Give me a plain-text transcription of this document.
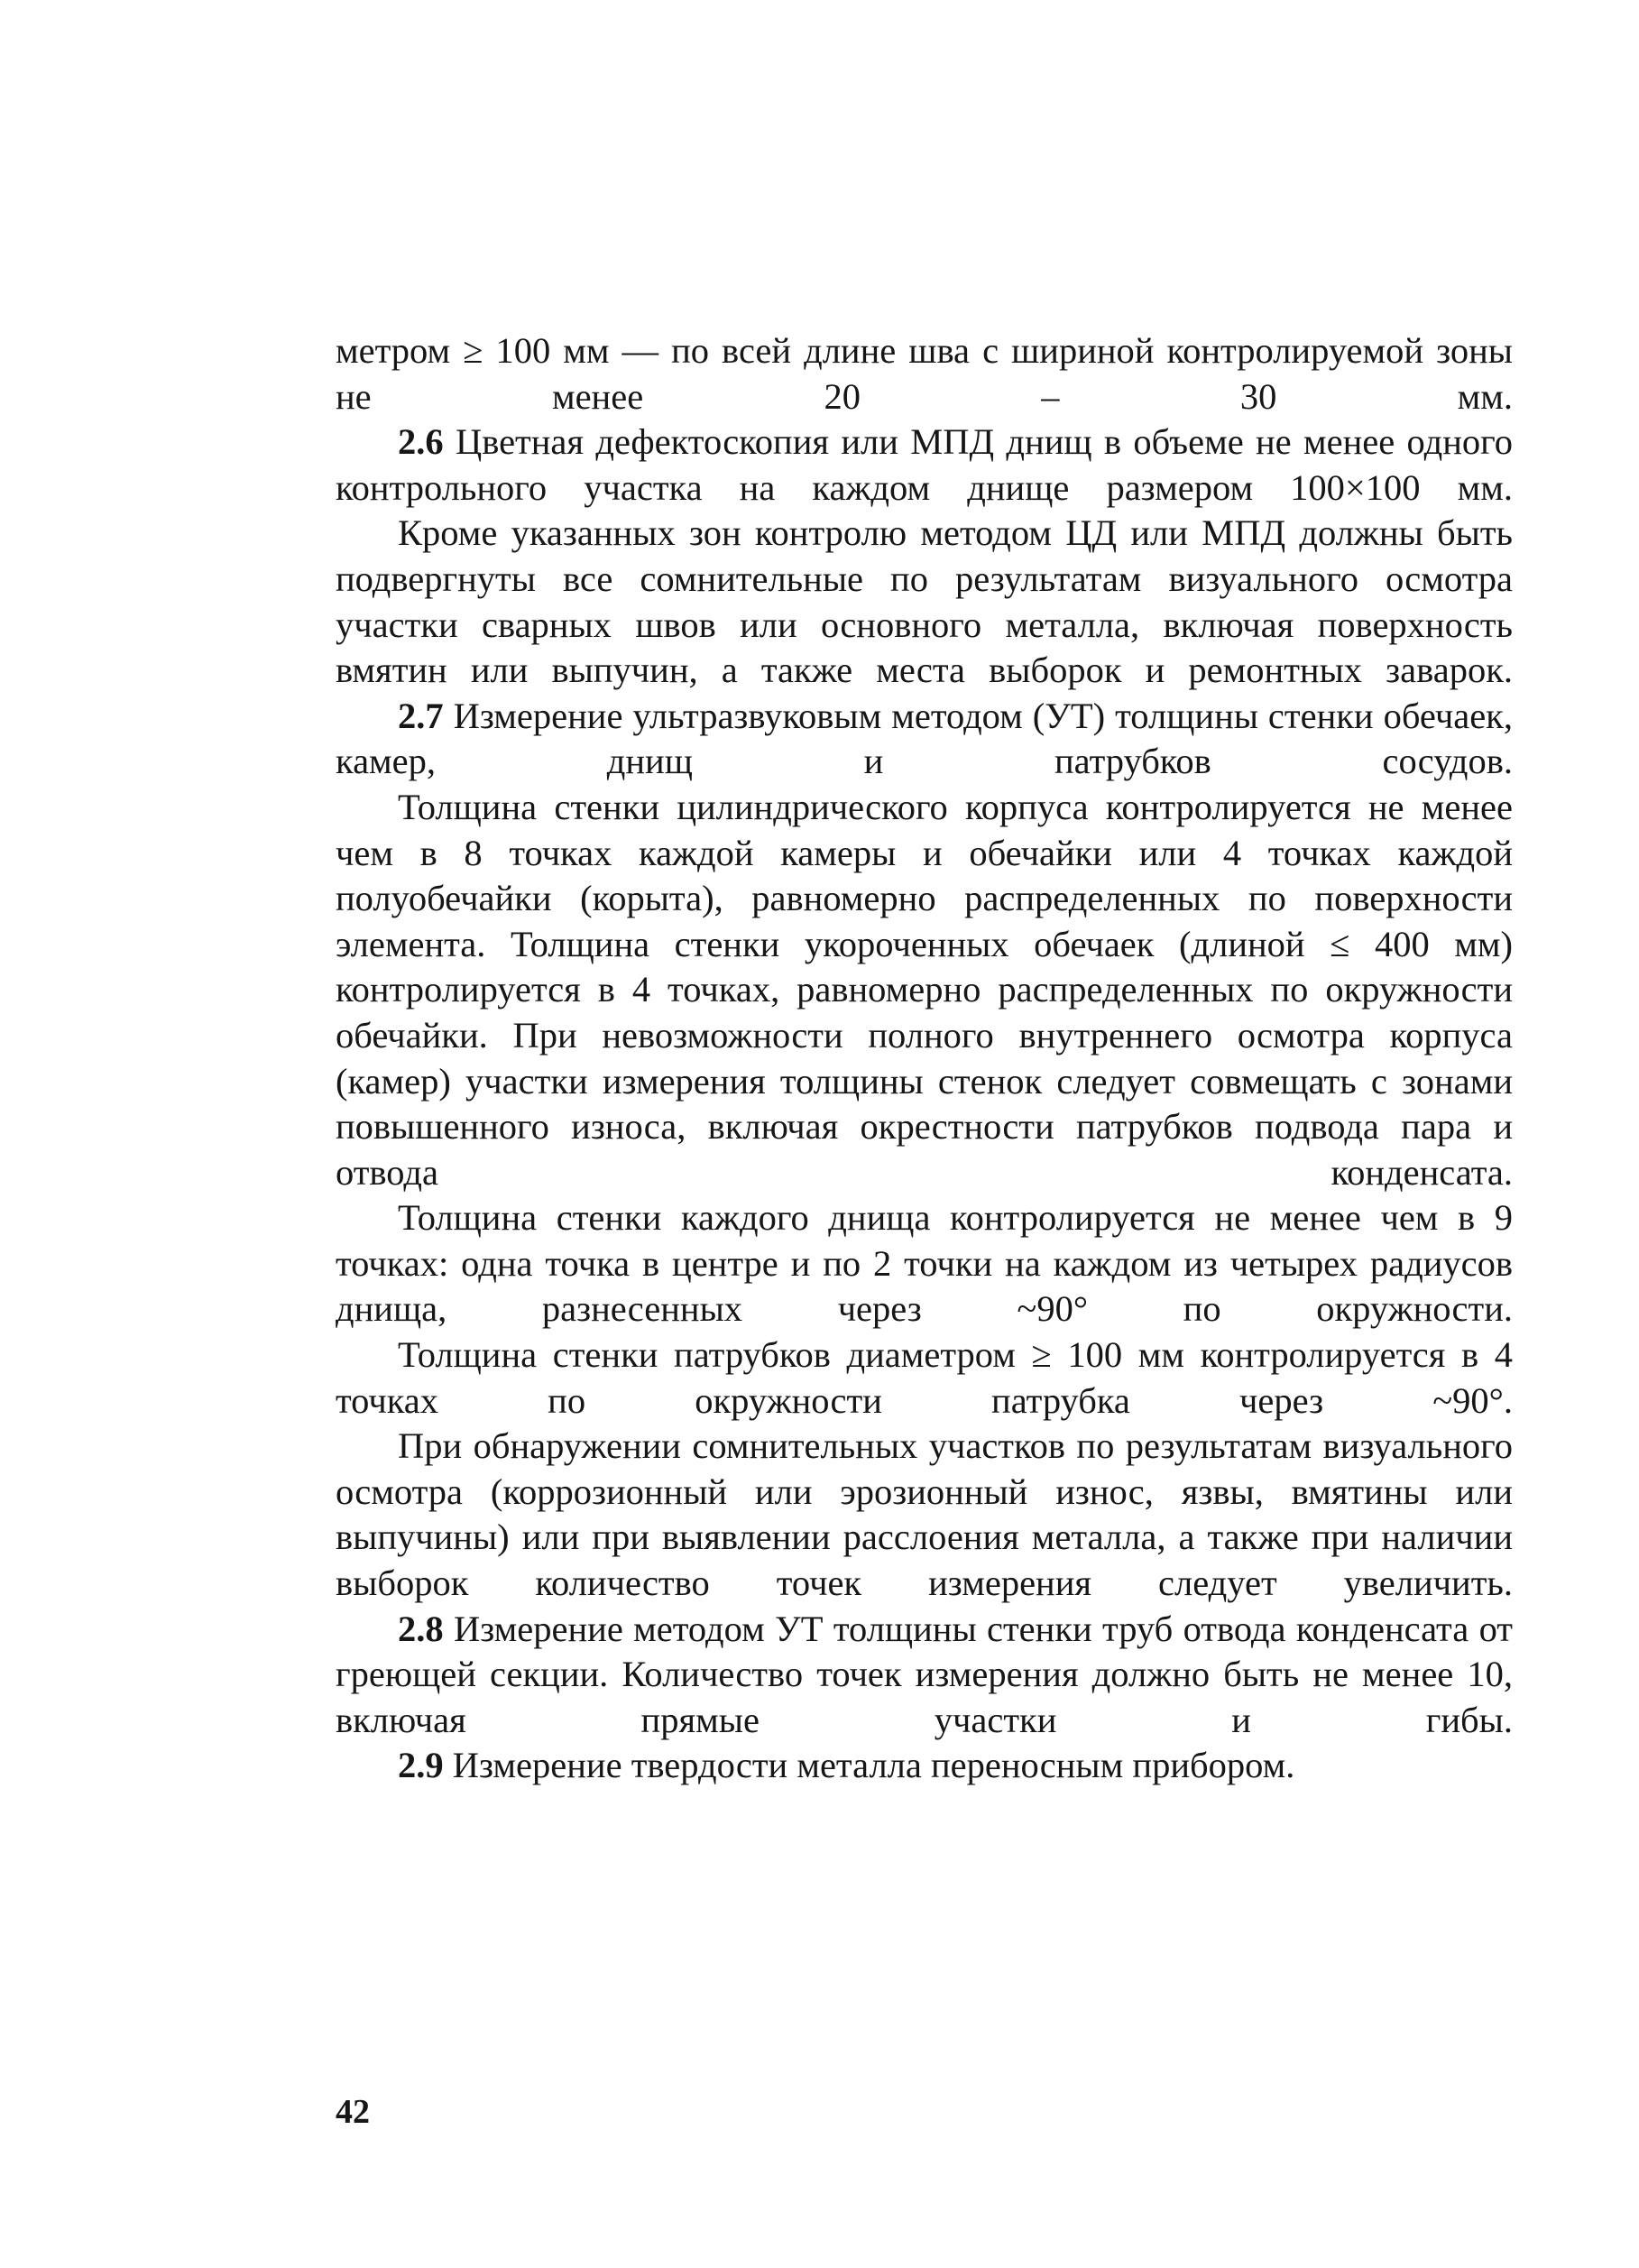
метром ≥ 100 мм — по всей длине шва с шириной контролируемой зоны не менее 20 – 30 мм.

2.6 Цветная дефектоскопия или МПД днищ в объеме не менее одного контрольного участка на каждом днище размером 100×100 мм.

Кроме указанных зон контролю методом ЦД или МПД должны быть подвергнуты все сомнительные по результатам визуального осмотра участки сварных швов или основного металла, включая поверхность вмятин или выпучин, а также места выборок и ремонтных заварок.

2.7 Измерение ультразвуковым методом (УТ) толщины стенки обечаек, камер, днищ и патрубков сосудов.

Толщина стенки цилиндрического корпуса контролируется не менее чем в 8 точках каждой камеры и обечайки или 4 точках каждой полуобечайки (корыта), равномерно распределенных по поверхности элемента. Толщина стенки укороченных обечаек (длиной ≤ 400 мм) контролируется в 4 точках, равномерно распределенных по окружности обечайки. При невозможности полного внутреннего осмотра корпуса (камер) участки измерения толщины стенок следует совмещать с зонами повышенного износа, включая окрестности патрубков подвода пара и отвода конденсата.

Толщина стенки каждого днища контролируется не менее чем в 9 точках: одна точка в центре и по 2 точки на каждом из четырех радиусов днища, разнесенных через ~90° по окружности.

Толщина стенки патрубков диаметром ≥ 100 мм контролируется в 4 точках по окружности патрубка через ~90°.

При обнаружении сомнительных участков по результатам визуального осмотра (коррозионный или эрозионный износ, язвы, вмятины или выпучины) или при выявлении расслоения металла, а также при наличии выборок количество точек измерения следует увеличить.

2.8 Измерение методом УТ толщины стенки труб отвода конденсата от греющей секции. Количество точек измерения должно быть не менее 10, включая прямые участки и гибы.

2.9 Измерение твердости металла переносным прибором.

42
